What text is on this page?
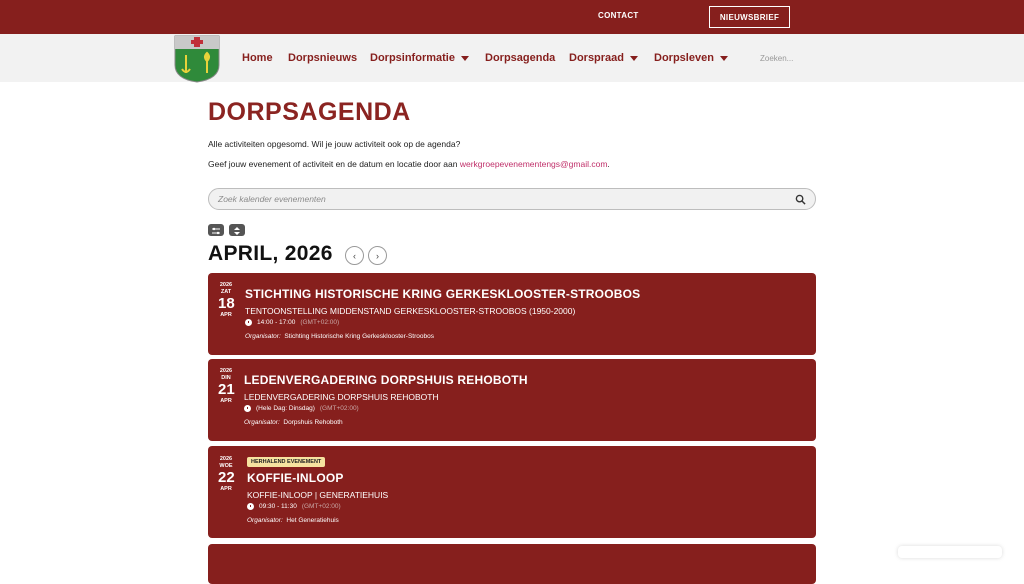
CONTACT	NIEUWSBRIEF
Home Dorpsnieuws Dorpsinformatie	Dorpsagenda Dorspraad	Dorpsleven	Zoeken...
DORPSAGENDA
Alle activiteiten opgesomd. Wil je jouw activiteit ook op de agenda?
Geef jouw evenement of activiteit en de datum en locatie door aan werkgroepevenementengs@gmail.com.
Zoek kalender evenementen
APRIL, 2026 ‹ ›
2026
ZAT
18
APR
STICHTING HISTORISCHE KRING GERKESKLOOSTER-STROOBOS
TENTOONSTELLING MIDDENSTAND GERKESKLOOSTER-STROOBOS (1950-2000)
14:00 - 17:00 (GMT+02:00)
Organisator: Stichting Historische Kring Gerkesklooster-Stroobos
2026
DIN
21
APR
LEDENVERGADERING DORPSHUIS REHOBOTH
LEDENVERGADERING DORPSHUIS REHOBOTH
(Hele Dag: Dinsdag) (GMT+02:00)
Organisator: Dorpshuis Rehoboth
2026
WOE
22
APR
HERHALEND EVENEMENT
KOFFIE-INLOOP
KOFFIE-INLOOP | GENERATIEHUIS
09:30 - 11:30 (GMT+02:00)
Organisator: Het Generatiehuis
